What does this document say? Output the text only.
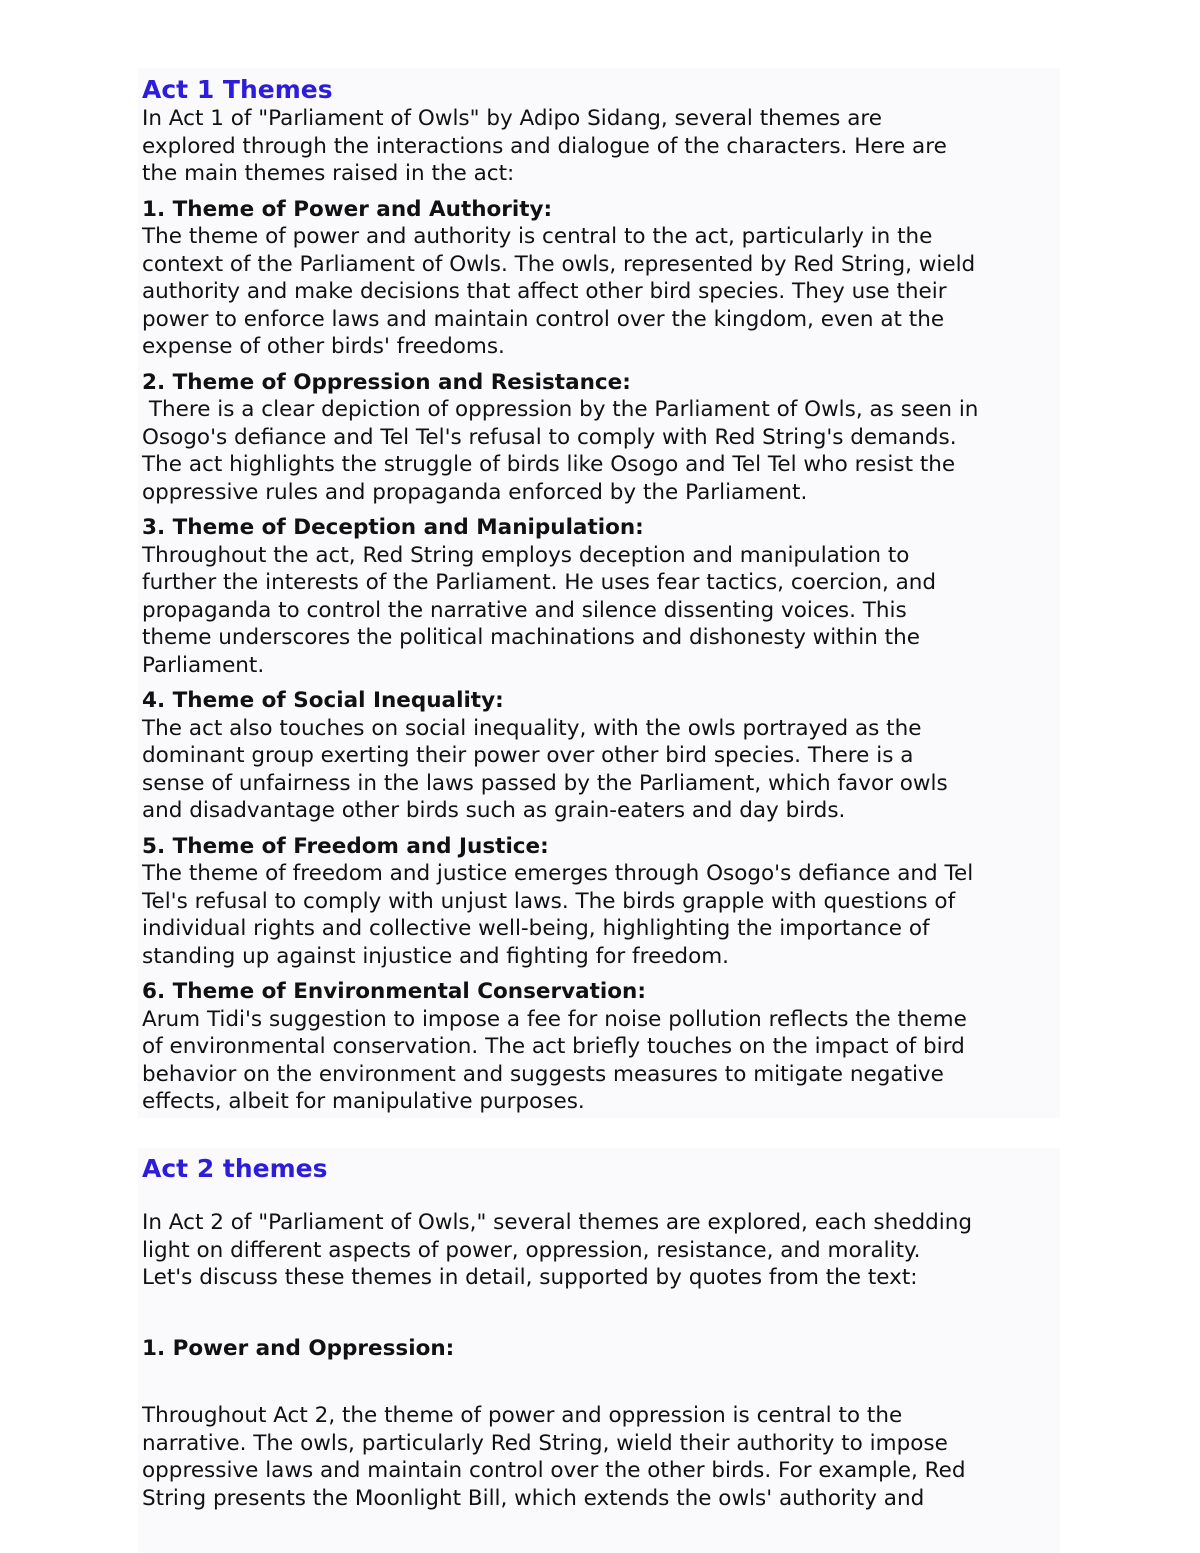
Act 1 Themes

In Act 1 of "Parliament of Owls" by Adipo Sidang, several themes are
explored through the interactions and dialogue of the characters. Here are
the main themes raised in the act:

1. Theme of Power and Authority:

The theme of power and authority is central to the act, particularly in the
context of the Parliament of Owls. The owls, represented by Red String, wield
authority and make decisions that affect other bird species. They use their
power to enforce laws and maintain control over the kingdom, even at the
expense of other birds' freedoms.

2. Theme of Oppression and Resistance:

There is a clear depiction of oppression by the Parliament of Owls, as seen in
Osogo's defiance and Tel Tel's refusal to comply with Red String's demands.
The act highlights the struggle of birds like Osogo and Tel Tel who resist the
oppressive rules and propaganda enforced by the Parliament.

3. Theme of Deception and Manipulation:

Throughout the act, Red String employs deception and manipulation to
further the interests of the Parliament. He uses fear tactics, coercion, and
propaganda to control the narrative and silence dissenting voices. This
theme underscores the political machinations and dishonesty within the
Parliament.

4. Theme of Social Inequality:

The act also touches on social inequality, with the owls portrayed as the
dominant group exerting their power over other bird species. There is a
sense of unfairness in the laws passed by the Parliament, which favor owls
and disadvantage other birds such as grain-eaters and day birds.

5. Theme of Freedom and Justice:

The theme of freedom and justice emerges through Osogo's defiance and Tel
Tel's refusal to comply with unjust laws. The birds grapple with questions of
individual rights and collective well-being, highlighting the importance of
standing up against injustice and fighting for freedom.

6. Theme of Environmental Conservation:

Arum Tidi's suggestion to impose a fee for noise pollution reflects the theme
of environmental conservation. The act briefly touches on the impact of bird
behavior on the environment and suggests measures to mitigate negative
effects, albeit for manipulative purposes.

Act 2 themes

In Act 2 of "Parliament of Owls," several themes are explored, each shedding
light on different aspects of power, oppression, resistance, and morality.
Let's discuss these themes in detail, supported by quotes from the text:

1. Power and Oppression:

Throughout Act 2, the theme of power and oppression is central to the
narrative. The owls, particularly Red String, wield their authority to impose
oppressive laws and maintain control over the other birds. For example, Red
String presents the Moonlight Bill, which extends the owls' authority and
